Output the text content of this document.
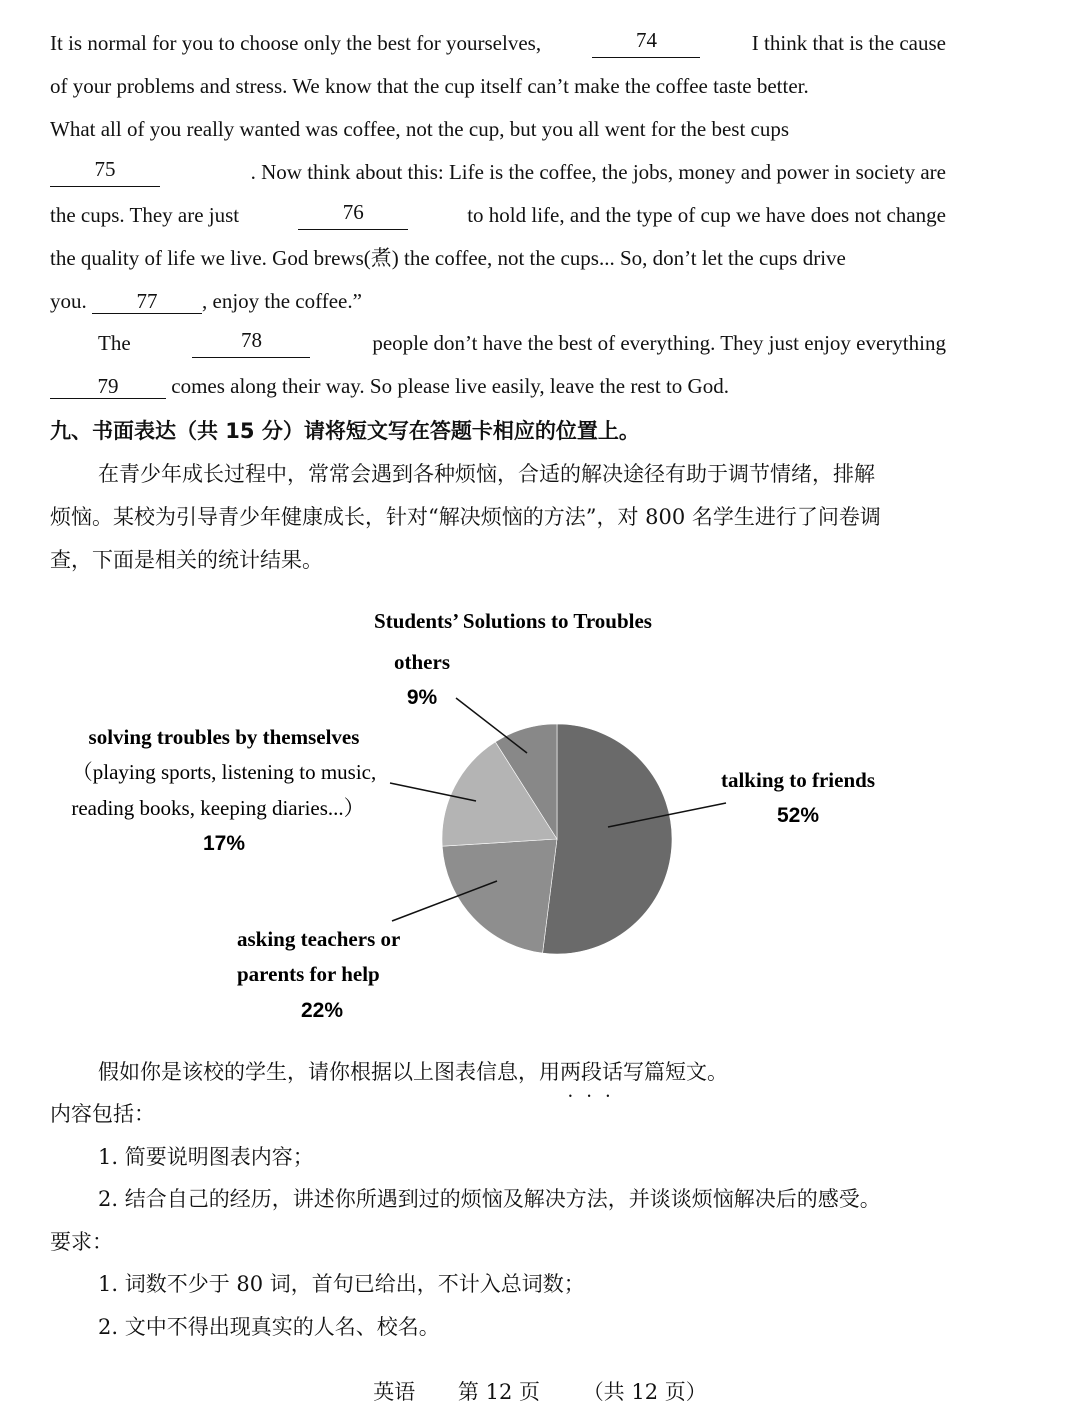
It is normal for you to choose only the best for yourselves,	74	I think that is the cause
of your problems and stress. We know that the cup itself can’t make the coffee taste better.
What all of you really wanted was coffee, not the cup, but you all went for the best cups
75	. Now think about this: Life is the coffee, the jobs, money and power in society are
the cups. They are just	76	to hold life, and the type of cup we have does not change
the quality of life we live. God brews(煮) the coffee, not the cups... So, don’t let the cups drive
you. 77 , enjoy the coffee.”
The	78	people don’t have the best of everything. They just enjoy everything
79	comes along their way. So please live easily, leave the rest to God.
九、书面表达（共 15 分）请将短文写在答题卡相应的位置上。
在青少年成长过程中，常常会遇到各种烦恼，合适的解决途径有助于调节情绪，排解
烦恼。某校为引导青少年健康成长，针对“解决烦恼的方法”，对 800 名学生进行了问卷调
查，下面是相关的统计结果。
Students’ Solutions to Troubles
others
9%
solving troubles by themselves
（playing sports, listening to music,
reading books, keeping diaries...）
17%
talking to friends
52%
asking teachers or
parents for help
22%
假如你是该校的学生，请你根据以上图表信息，用两段话 •••写篇短文。
内容包括：
1. 简要说明图表内容；
2. 结合自己的经历，讲述你所遇到过的烦恼及解决方法，并谈谈烦恼解决后的感受。
要求：
1. 词数不少于 80 词，首句已给出，不计入总词数；
2. 文中不得出现真实的人名、校名。
英语 第 12 页 （共 12 页）
